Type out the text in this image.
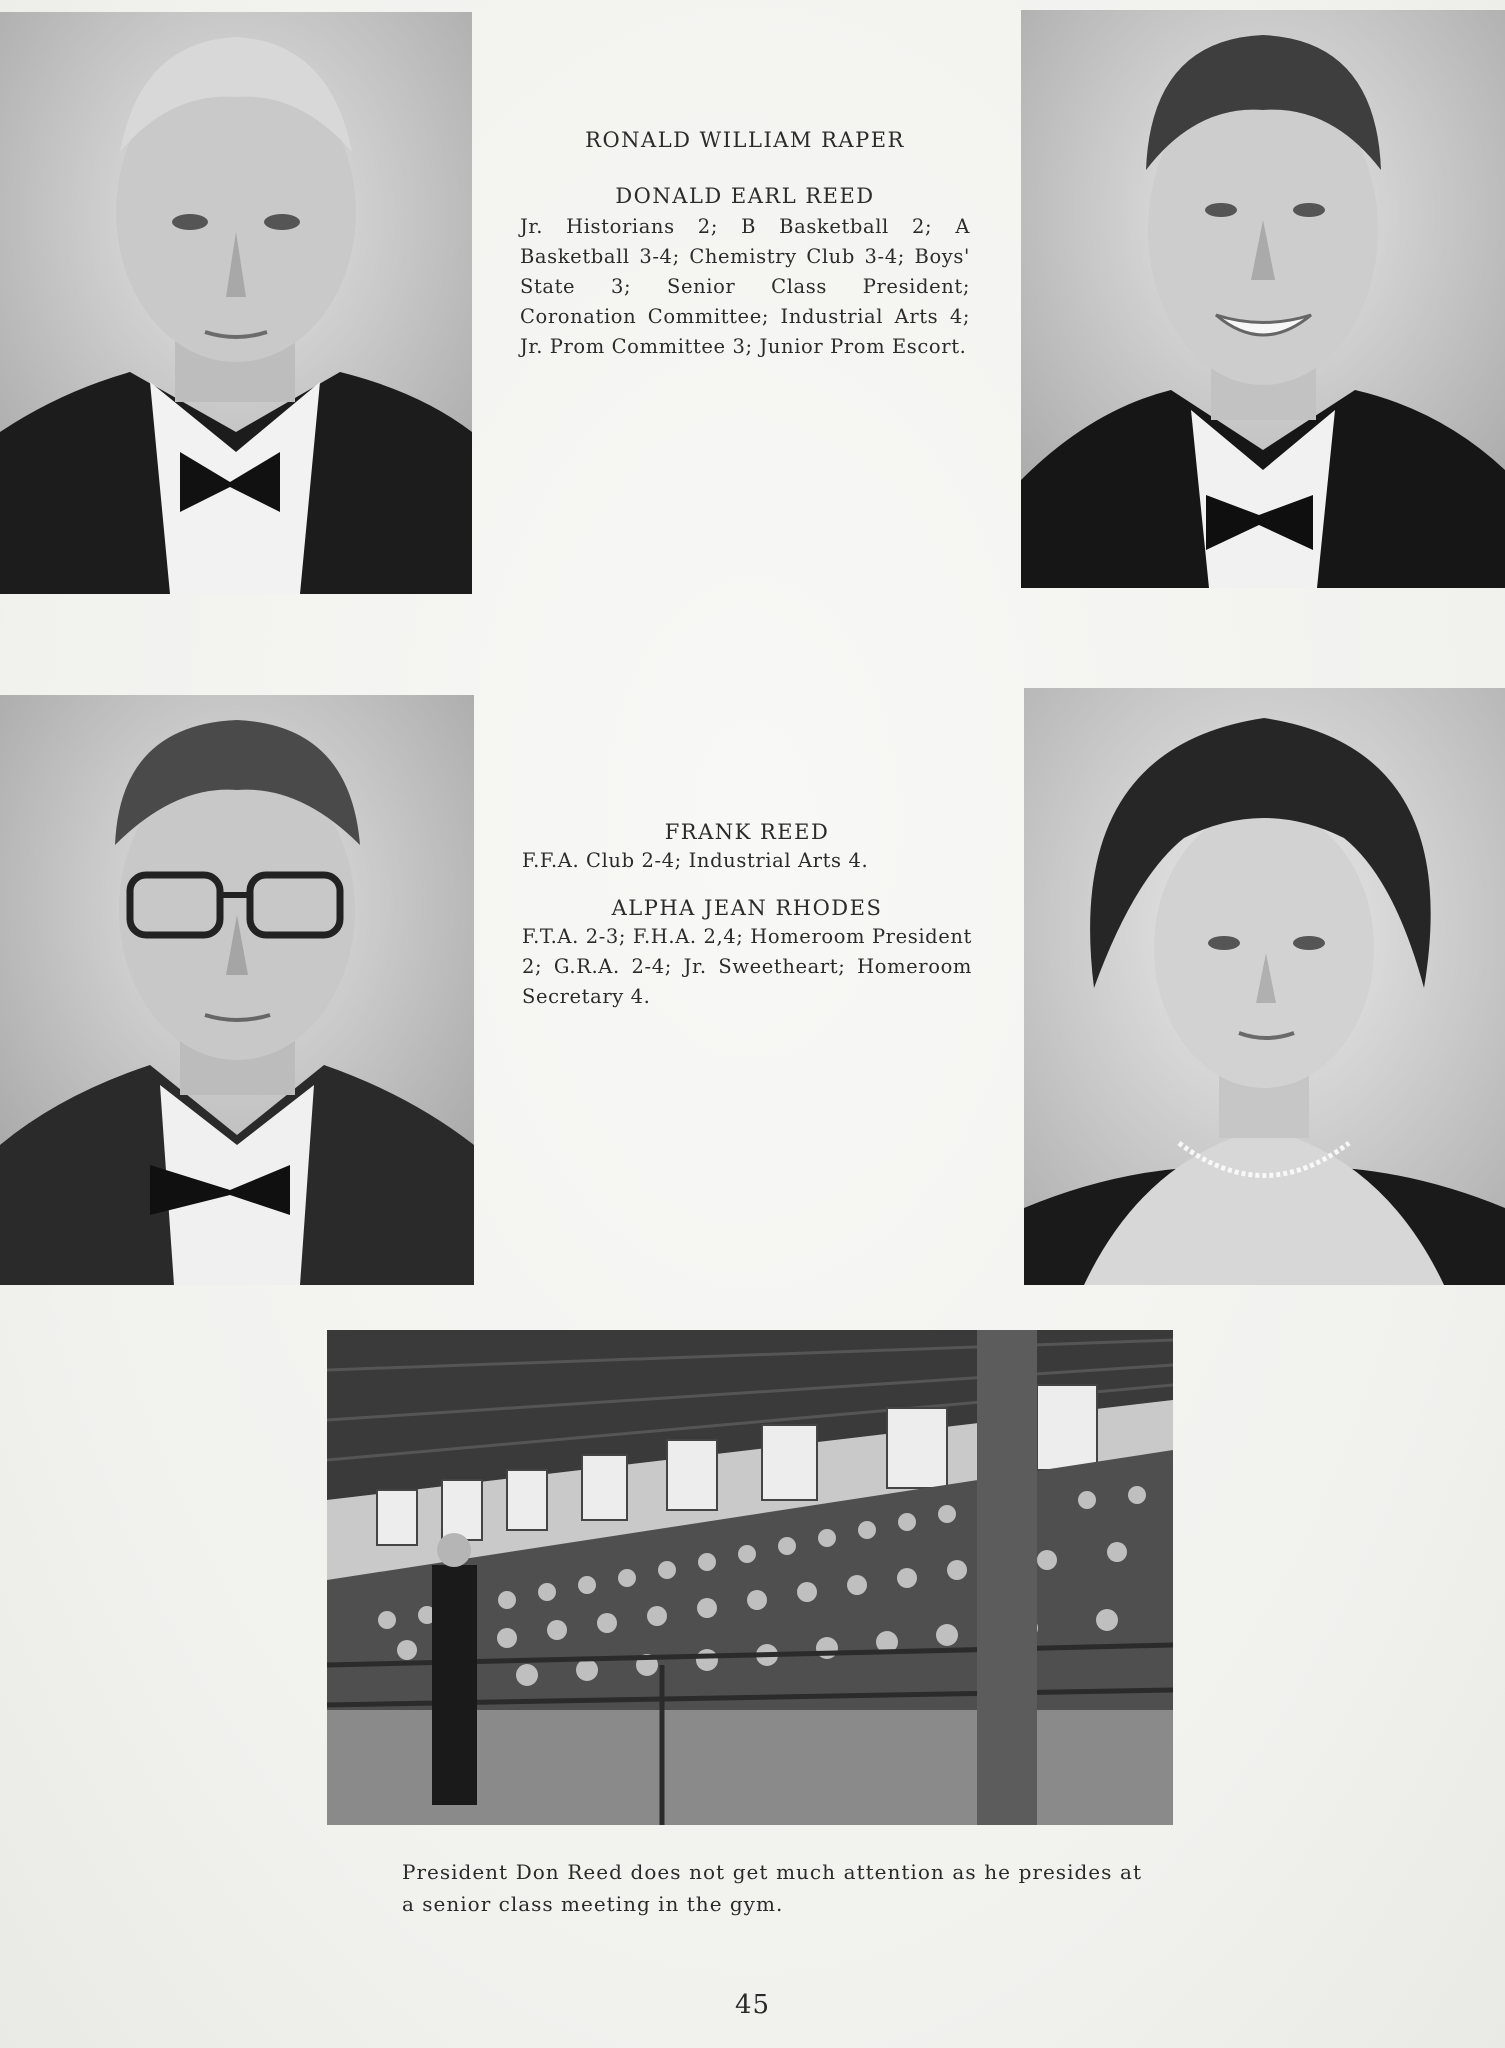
RONALD WILLIAM RAPER

DONALD EARL REED

Jr. Historians 2; B Basketball 2; A Basketball 3-4; Chemistry Club 3-4; Boys' State 3; Senior Class President; Coronation Committee; Industrial Arts 4; Jr. Prom Committee 3; Junior Prom Escort.

FRANK REED

F.F.A. Club 2-4; Industrial Arts 4.

ALPHA JEAN RHODES

F.T.A. 2-3; F.H.A. 2,4; Homeroom President 2; G.R.A. 2-4; Jr. Sweetheart; Homeroom Secretary 4.

President Don Reed does not get much attention as he presides at a senior class meeting in the gym.

45
